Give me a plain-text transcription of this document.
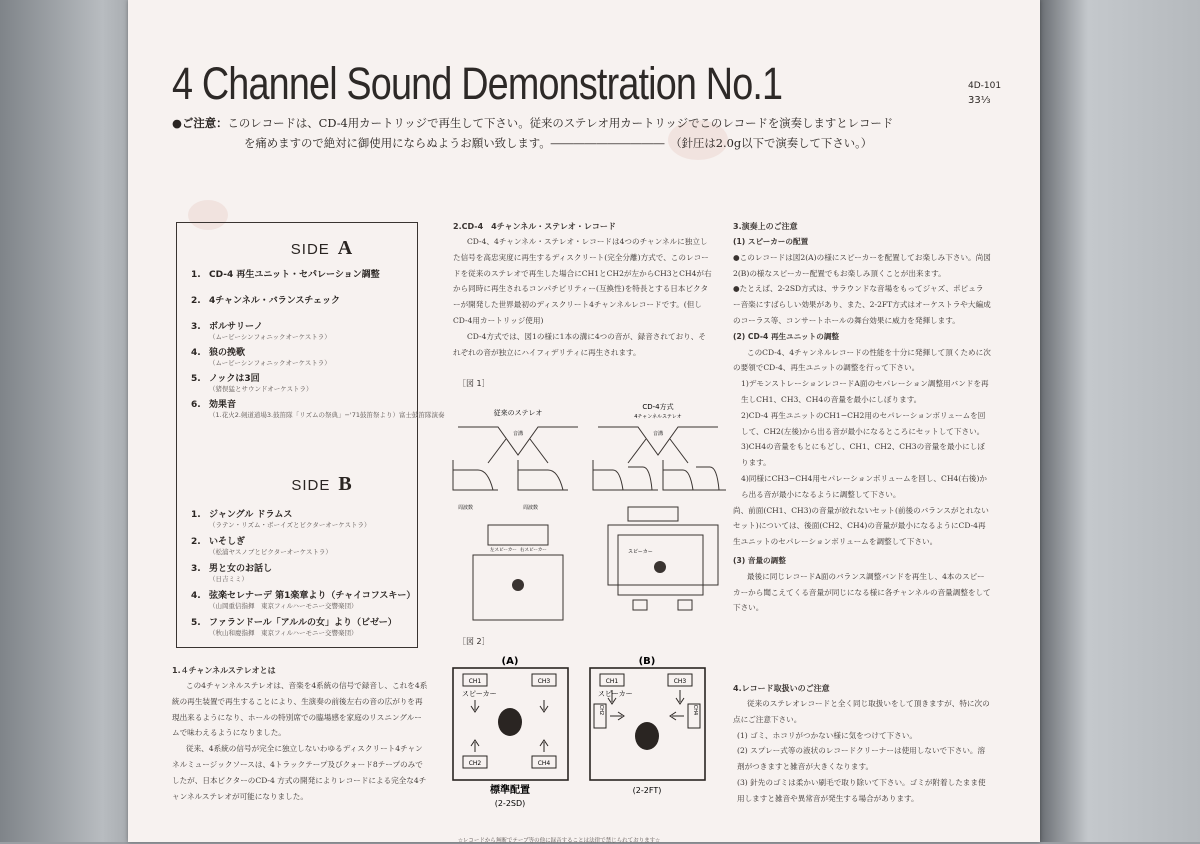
4 Channel Sound Demonstration No.1	4D-101
33⅓
●ご注意：このレコードは、CD-4用カートリッジで再生して下さい。従来のステレオ用カートリッジでこのレコードを演奏しますとレコード
を痛めますので絶対に御使用にならぬようお願い致します。――――――――――　（針圧は2.0g以下で演奏して下さい。）
SIDE A
1. CD-4 再生ユニット・セパレーション調整
2. 4チャンネル・バランスチェック
3. ボルサリーノ
（ムービーシンフォニックオーケストラ）
4. 狼の挽歌
（ムービーシンフォニックオーケストラ）
5. ノックは3回
（猪俣猛とサウンドオーケストラ）
6. 効果音
（1.花火2.剣道道場3.鼓笛隊「リズムの祭典」−'71鼓笛祭より）富士鼓笛隊演奏
SIDE B
1. ジャングル ドラムス
（ラテン・リズム・ボーイズとビクターオーケストラ）
2. いそしぎ
（松浦ヤスノブとビクターオーケストラ）
3. 男と女のお話し
（日吉ミミ）
4. 弦楽セレナーデ 第1楽章より（チャイコフスキー）
（山岡重信指揮　東京フィルハーモニー交響楽団）
5. ファランドール「アルルの女」より（ビゼー）
（秋山和慶指揮　東京フィルハーモニー交響楽団）
1.４チャンネルステレオとは

この4チャンネルステレオは、音楽を4系統の信号で録音し、これを4系統の再生装置で再生することにより、生演奏の前後左右の音の広がりを再現出来るようになり、ホールの特別席での臨場感を家庭のリスニングルームで味わえるようになりました。

従来、4系統の信号が完全に独立しないわゆるディスクリート4チャンネルミュージックソースは、4トラックテープ及びクォード8テープのみでしたが、日本ビクターのCD-4 方式の開発によりレコードによる完全な4チャンネルステレオが可能になりました。

2.CD-4　4チャンネル・ステレオ・レコード

CD-4、4チャンネル・ステレオ・レコードは4つのチャンネルに独立した信号を高忠実度に再生するディスクリート(完全分離)方式で、このレコードを従来のステレオで再生した場合にCH1とCH2が左からCH3とCH4が右から同時に再生されるコンパチビリティー(互換性)を特長とする日本ビクターが開発した世界最初のディスクリート4チャンネルレコードです。(但しCD-4用カートリッジ使用)

CD-4方式では、図1の様に1本の溝に4つの音が、録音されており、それぞれの音が独立にハイフィデリティに再生されます。

［図 1］
従来のステレオ
CD-4方式
4チャンネルステレオ
音溝	音溝
周波数	周波数
左スピーカー 右スピーカー	スピーカー
［図 2］
(A)	(B)
CH1	CH3
CH2	CH4
スピーカー
CH1	CH3
CH2	CH4
スピーカー
標準配置
(2-2SD)
(2-2FT)
3.演奏上のご注意

(1) スピーカーの配置

●このレコードは図2(A)の様にスピーカーを配置してお楽しみ下さい。尚図2(B)の様なスピーカー配置でもお楽しみ頂くことが出来ます。

●たとえば、2-2SD方式は、サラウンドな音場をもってジャズ、ポピュラー音楽にすばらしい効果があり、また、2-2FT方式はオーケストラや大編成のコーラス等、コンサートホールの舞台効果に威力を発揮します。

(2) CD-4 再生ユニットの調整

このCD-4、4チャンネルレコードの性能を十分に発揮して頂くために次の要領でCD-4、再生ユニットの調整を行って下さい。

1)デモンストレーションレコードA面のセパレーション調整用バンドを再生しCH1、CH3、CH4の音量を最小にしぼります。

2)CD-4 再生ユニットのCH1−CH2用のセパレーションボリュームを回して、CH2(左後)から出る音が最小になるところにセットして下さい。

3)CH4の音量をもとにもどし、CH1、CH2、CH3の音量を最小にしぼります。

4)同様にCH3−CH4用セパレーションボリュームを回し、CH4(右後)から出る音が最小になるように調整して下さい。

尚、前面(CH1、CH3)の音量が絞れないセット(前後のバランスがとれないセット)については、後面(CH2、CH4)の音量が最小になるようにCD-4再生ユニットのセパレーションボリュームを調整して下さい。

(3) 音量の調整

最後に同じレコードA面のバランス調整バンドを再生し、4本のスピーカーから聞こえてくる音量が同じになる様に各チャンネルの音量調整をして下さい。

4.レコード取扱いのご注意

従来のステレオレコードと全く同じ取扱いをして頂きますが、特に次の点にご注意下さい。

(1) ゴミ、ホコリがつかない様に気をつけて下さい。

(2) スプレー式等の液状のレコードクリーナーは使用しないで下さい。溶剤がつきますと雑音が大きくなります。

(3) 針先のゴミは柔かい刷毛で取り除いて下さい。ゴミが附着したまま使用しますと雑音や異常音が発生する場合があります。

☆レコードから無断でテープ等の他に録音することは法律で禁じられております☆
